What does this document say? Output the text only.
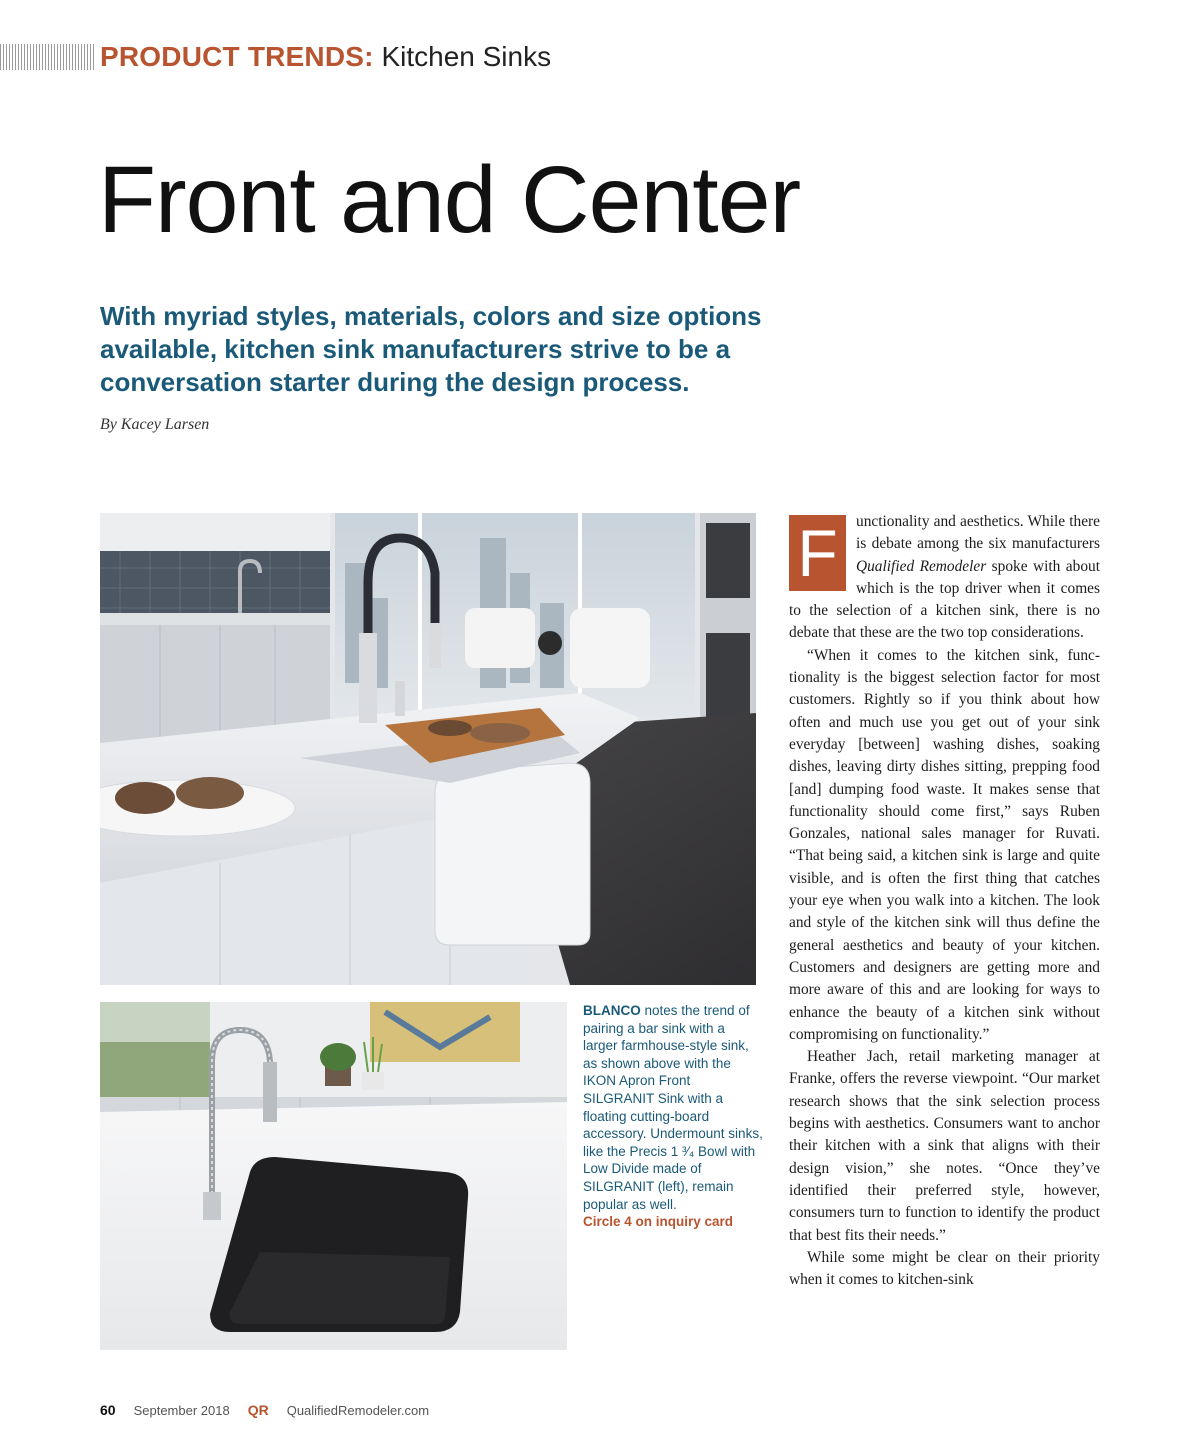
PRODUCT TRENDS: Kitchen Sinks
Front and Center
With myriad styles, materials, colors and size options available, kitchen sink manufacturers strive to be a conversation starter during the design process.
By Kacey Larsen
BLANCO notes the trend of pairing a bar sink with a larger farmhouse-style sink, as shown above with the IKON Apron Front SILGRANIT Sink with a floating cutting-board accessory. Undermount sinks, like the Precis 1 ³⁄₄ Bowl with Low Divide made of SILGRANIT (left), remain popular as well.
Circle 4 on inquiry card

F	unctionality and aesthetics. While there is debate among the six manufacturers Qualified Remodeler spoke with about which is the top driver when it comes to the selection of a kitchen sink, there is no debate that these are the two top considerations.

“When it comes to the kitchen sink, functionality is the biggest selection factor for most customers. Rightly so if you think about how often and much use you get out of your sink everyday [between] washing dishes, soaking dishes, leaving dirty dishes sitting, prepping food [and] dumping food waste. It makes sense that functionality should come first,” says Ruben Gonzales, national sales manager for Ruvati. “That being said, a kitchen sink is large and quite visible, and is often the first thing that catches your eye when you walk into a kitchen. The look and style of the kitchen sink will thus define the general aesthetics and beauty of your kitchen. Customers and designers are getting more and more aware of this and are looking for ways to enhance the beauty of a kitchen sink without compromising on functionality.”

Heather Jach, retail marketing manager at Franke, offers the reverse viewpoint. “Our market research shows that the sink selection process begins with aesthetics. Consumers want to anchor their kitchen with a sink that aligns with their design vision,” she notes. “Once they’ve identified their preferred style, however, consumers turn to function to identify the product that best fits their needs.”

While some might be clear on their priority when it comes to kitchen-sink

60 September 2018 QR QualifiedRemodeler.com
